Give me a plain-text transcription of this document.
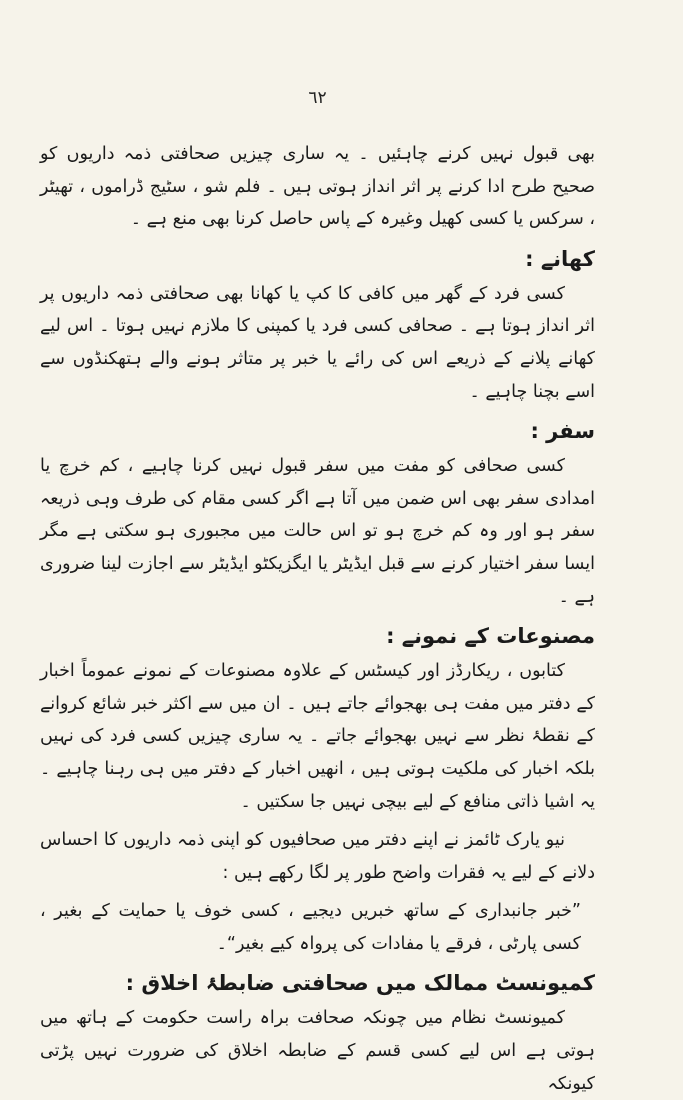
٦٢

بھی قبول نہیں کرنے چاہئیں ۔ یہ ساری چیزیں صحافتی ذمہ داریوں کو صحیح طرح ادا کرنے پر اثر انداز ہوتی ہیں ۔ فلم شو ، سٹیج ڈراموں ، تھیٹر ، سرکس یا کسی کھیل وغیرہ کے پاس حاصل کرنا بھی منع ہے ۔

کھانے :

کسی فرد کے گھر میں کافی کا کپ یا کھانا بھی صحافتی ذمہ داریوں پر اثر انداز ہوتا ہے ۔ صحافی کسی فرد یا کمپنی کا ملازم نہیں ہوتا ۔ اس لیے کھانے پلانے کے ذریعے اس کی رائے یا خبر پر متاثر ہونے والے ہتھکنڈوں سے اسے بچنا چاہیے ۔

سفر :

کسی صحافی کو مفت میں سفر قبول نہیں کرنا چاہیے ، کم خرچ یا امدادی سفر بھی اس ضمن میں آتا ہے اگر کسی مقام کی طرف وہی ذریعہ سفر ہو اور وہ کم خرچ ہو تو اس حالت میں مجبوری ہو سکتی ہے مگر ایسا سفر اختیار کرنے سے قبل ایڈیٹر یا ایگزیکٹو ایڈیٹر سے اجازت لینا ضروری ہے ۔

مصنوعات کے نمونے :

کتابوں ، ریکارڈز اور کیسٹس کے علاوہ مصنوعات کے نمونے عموماً اخبار کے دفتر میں مفت ہی بھجوائے جاتے ہیں ۔ ان میں سے اکثر خبر شائع کروانے کے نقطۂ نظر سے نہیں بھجوائے جاتے ۔ یہ ساری چیزیں کسی فرد کی نہیں بلکہ اخبار کی ملکیت ہوتی ہیں ، انھیں اخبار کے دفتر میں ہی رہنا چاہیے ۔ یہ اشیا ذاتی منافع کے لیے بیچی نہیں جا سکتیں ۔

نیو یارک ٹائمز نے اپنے دفتر میں صحافیوں کو اپنی ذمہ داریوں کا احساس دلانے کے لیے یہ فقرات واضح طور پر لگا رکھے ہیں :

”خبر جانبداری کے ساتھ خبریں دیجیے ، کسی خوف یا حمایت کے بغیر ، کسی پارٹی ، فرقے یا مفادات کی پرواہ کیے بغیر“۔

کمیونسٹ ممالک میں صحافتی ضابطۂ اخلاق :

کمیونسٹ نظام میں چونکہ صحافت براہ راست حکومت کے ہاتھ میں ہوتی ہے اس لیے کسی قسم کے ضابطہ اخلاق کی ضرورت نہیں پڑتی کیونکہ
